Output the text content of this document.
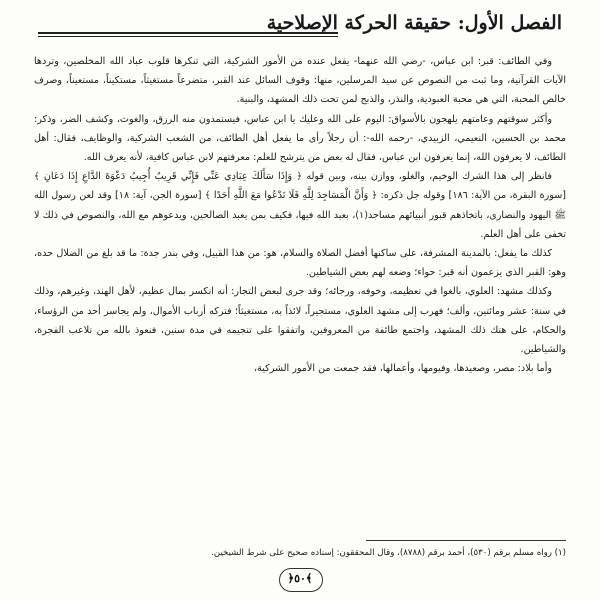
الفصل الأول: حقيقة الحركة الإصلاحية

وفي الطائف: قبر: ابن عباس، -رضي الله عنهما- يفعل عنده من الأمور الشركية، التي تنكرها قلوب عباد الله المخلصين، وتردها الآيات القرآنية، وما ثبت من النصوص عن سيد المرسلين، منها: وقوف السائل عند القبر، متضرعاً مستغيثاً، مستكيناً، مستعيناً، وصرف خالص المحبة، التي هي محبة العبودية، والنذر، والذبح لمن تحت ذلك المشهد، والبنية.

وأكثر سوقتهم وعامتهم يلهجون بالأسواق: اليوم على الله وعليك يا ابن عباس، فيستمدون منه الرزق، والغوث، وكشف الضر، وذكر: محمد بن الحسين، النعيمي، الزبيدي، -رحمه الله-: أن رجلاً رأى ما يفعل أهل الطائف، من الشعب الشركية، والوظايف، فقال: أهل الطائف، لا يعرفون الله، إنما يعرفون ابن عباس، فقال له بعض من يترشح للعلم: معرفتهم لابن عباس كافية، لأنه يعرف الله.

فانظر إلى هذا الشرك الوخيم، والغلو، ووازن بينه، وبين قوله ﴿ وَإِذَا سَأَلَكَ عِبَادِي عَنِّي فَإِنِّي قَرِيبٌ أُجِيبُ دَعْوَةَ الدَّاعِ إِذَا دَعَانِ ﴾ [سورة البقرة، من الآية: ١٨٦] وقوله جل ذكره: ﴿ وَأَنَّ الْمَسَاجِدَ لِلَّهِ فَلَا تَدْعُوا مَعَ اللَّهِ أَحَدًا ﴾ [سورة الجن، آية: ١٨] وقد لعن رسول الله ﷺ اليهود والنصارى، باتخاذهم قبور أنبيائهم مساجد(١)، بعبد الله فيها، فكيف بمن يعبد الصالحين، ويدعوهم مع الله، والنصوص في ذلك لا تخفى على أهل العلم.

كذلك ما يفعل: بالمدينة المشرفة، على ساكنها أفضل الصلاة والسلام، هو: من هذا القبيل، وفي بندر جدة: ما قد بلغ من الضلال حده، وهو: القبر الذي يزعمون أنه قبر: حواء؛ وضعه لهم بعض الشياطين.

وكذلك مشهد: العلوي، بالغوا في تعظيمه، وخوفه، ورجائه؛ وقد جرى لبعض التجار: أنه انكسر بمال عظيم، لأهل الهند، وغيرهم، وذلك في سنة: عشر ومائتين، وألف؛ فهرب إلى مشهد العلوي، مستجيراً، لائذاً به، مستغيثاً؛ فتركه أرباب الأموال، ولم يجاسر أحد من الرؤساء، والحكام، على هتك ذلك المشهد، واجتمع طائفة من المعروفين، واتفقوا على تنجيمه في مدة سنين، فنعوذ بالله من تلاعب الفجرة، والشياطين.

وأما بلاد: مصر، وصعيدها، وفيومها، وأعمالها، فقد جمعت من الأمور الشركية،

(١) رواه مسلم برقم (٥٣٠)، أحمد برقم (٨٧٨٨)، وقال المحققون: إسناده صحيح على شرط الشيخين.
﴿٥٠﴾
